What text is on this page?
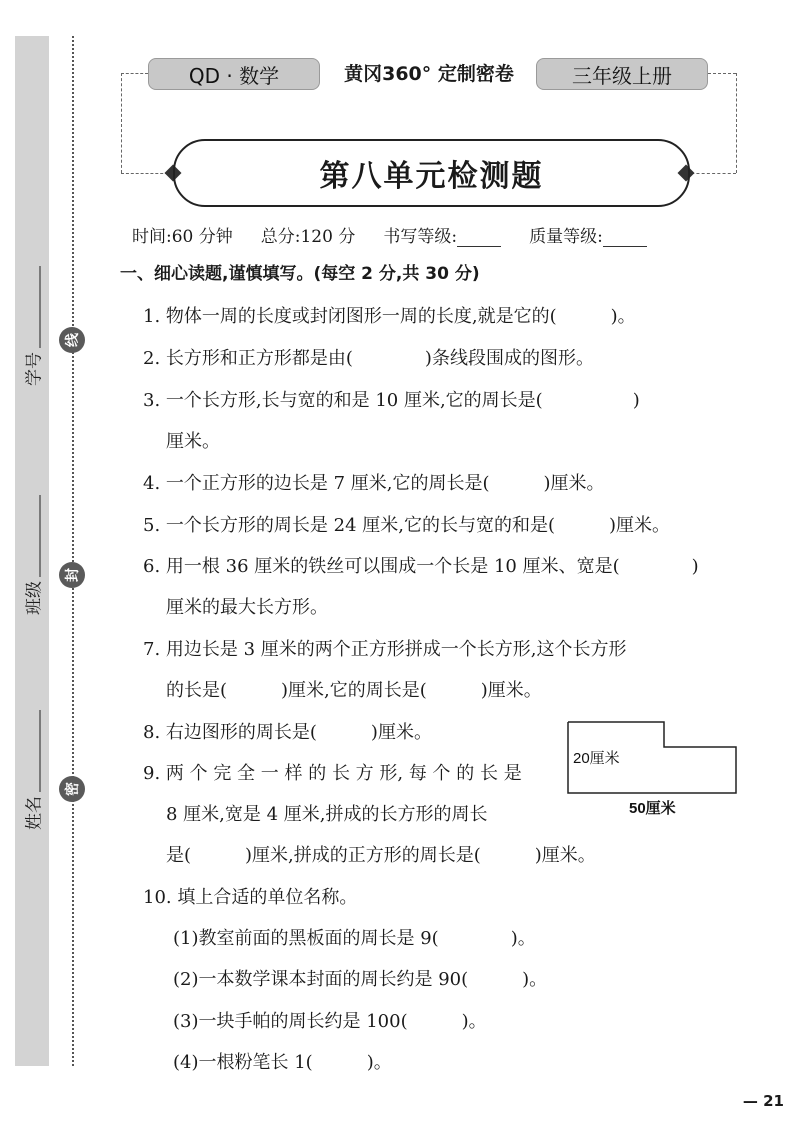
学号
班级
姓名
线
封
密
QD · 数学	黄冈360° 定制密卷	三年级上册
第八单元检测题
时间:60 分钟 总分:120 分 书写等级:	质量等级:
一、细心读题,谨慎填写。(每空 2 分,共 30 分)
1. 物体一周的长度或封闭图形一周的长度,就是它的(　　　)。
2. 长方形和正方形都是由(　　　　)条线段围成的图形。
3. 一个长方形,长与宽的和是 10 厘米,它的周长是(　　　　　)
厘米。
4. 一个正方形的边长是 7 厘米,它的周长是(　　　)厘米。
5. 一个长方形的周长是 24 厘米,它的长与宽的和是(　　　)厘米。
6. 用一根 36 厘米的铁丝可以围成一个长是 10 厘米、宽是(　　　　)
厘米的最大长方形。
7. 用边长是 3 厘米的两个正方形拼成一个长方形,这个长方形
的长是(　　　)厘米,它的周长是(　　　)厘米。
8. 右边图形的周长是(　　　)厘米。
9. 两 个 完 全 一 样 的 长 方 形, 每 个 的 长 是
8 厘米,宽是 4 厘米,拼成的长方形的周长
是(　　　)厘米,拼成的正方形的周长是(　　　)厘米。
10. 填上合适的单位名称。
(1)教室前面的黑板面的周长是 9(　　　　)。
(2)一本数学课本封面的周长约是 90(　　　)。
(3)一块手帕的周长约是 100(　　　)。
(4)一根粉笔长 1(　　　)。
20厘米
50厘米
— 21
